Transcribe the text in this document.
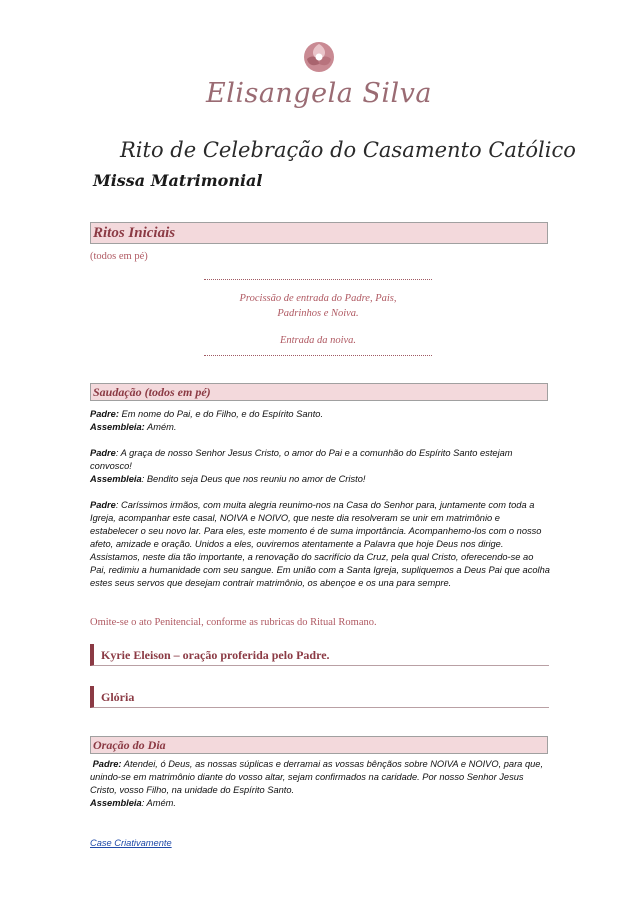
Elisangela Silva
Rito de Celebração do Casamento Católico
Missa Matrimonial
Ritos Iniciais
(todos em pé)
Procissão de entrada do Padre, Pais,
Padrinhos e Noiva.
Entrada da noiva.
Saudação (todos em pé)
Padre: Em nome do Pai, e do Filho, e do Espírito Santo.
Assembleia: Amém.
Padre: A graça de nosso Senhor Jesus Cristo, o amor do Pai e a comunhão do Espírito Santo estejam convosco!
Assembleia: Bendito seja Deus que nos reuniu no amor de Cristo!
Padre: Caríssimos irmãos, com muita alegria reunimo-nos na Casa do Senhor para, juntamente com toda a Igreja, acompanhar este casal, NOIVA e NOIVO, que neste dia resolveram se unir em matrimônio e estabelecer o seu novo lar. Para eles, este momento é de suma importância. Acompanhemo-los com o nosso afeto, amizade e oração. Unidos a eles, ouviremos atentamente a Palavra que hoje Deus nos dirige. Assistamos, neste dia tão importante, a renovação do sacrifício da Cruz, pela qual Cristo, oferecendo-se ao Pai, redimiu a humanidade com seu sangue. Em união com a Santa Igreja, supliquemos a Deus Pai que acolha estes seus servos que desejam contrair matrimônio, os abençoe e os una para sempre.
Omite-se o ato Penitencial, conforme as rubricas do Ritual Romano.
Kyrie Eleison – oração proferida pelo Padre.
Glória
Oração do Dia
Padre: Atendei, ó Deus, as nossas súplicas e derramai as vossas bênçãos sobre NOIVA e NOIVO, para que, unindo-se em matrimônio diante do vosso altar, sejam confirmados na caridade. Por nosso Senhor Jesus Cristo, vosso Filho, na unidade do Espírito Santo.
Assembleia: Amém.
Case Criativamente
